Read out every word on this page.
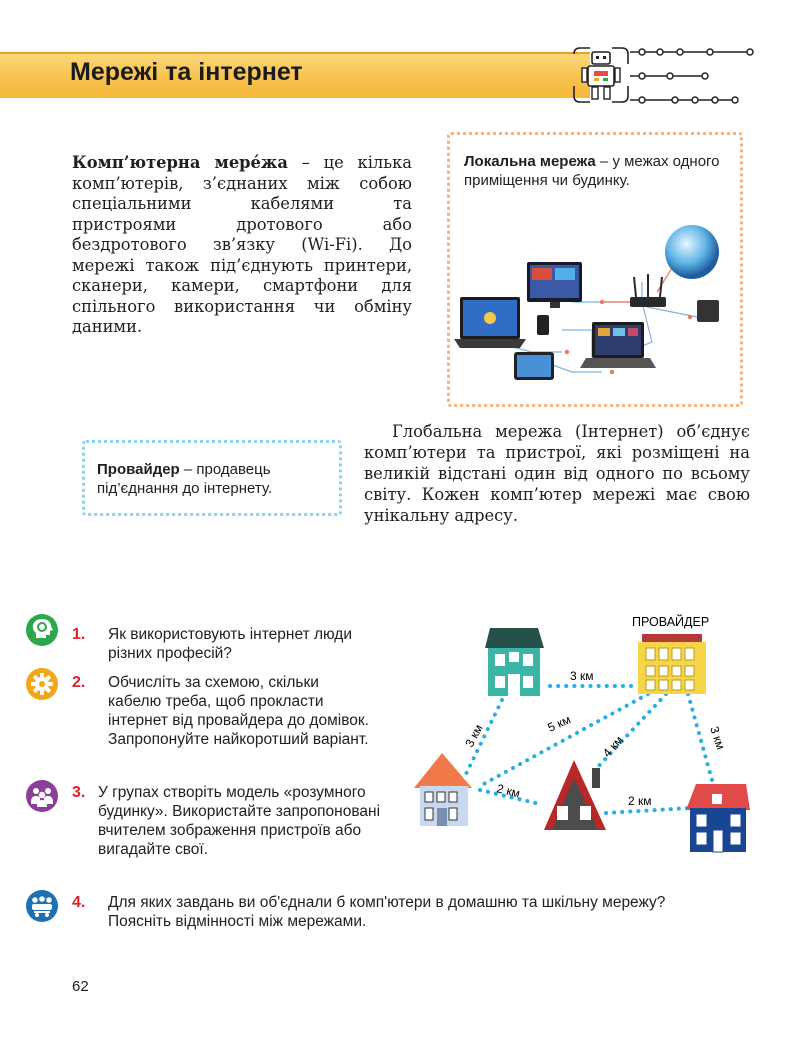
Мережі та інтернет

Комп’ютерна мере́жа – це кілька комп’ютерів, з’єднаних між собою спеціальними кабелями та пристроями дротового або бездротового зв’язку (Wi-Fi). До мережі також під’єднують принтери, сканери, камери, смартфони для спільного використання чи обміну даними.

Локальна мережа – у межах одного приміщення чи будинку.

Провайдер – продавець під’єднання до інтернету.

Глобальна мережа (Інтернет) об’єднує комп’ютери та пристрої, які розміщені на великій відстані один від одного по всьому світу. Кожен комп’ютер мережі має свою унікальну адресу.

1.	Як використовують інтернет люди різних професій?
2.	Обчисліть за схемою, скільки кабелю треба, щоб прокласти інтернет від провайдера до домівок. Запропонуйте найкоротший варіант.
3. У групах створіть модель «розумного будинку». Використайте запропоновані вчителем зображення пристроїв або вигадайте свої.
4.	Для яких завдань ви об'єднали б комп'ютери в домашню та шкільну мережу? Поясніть відмінності між мережами.
3 км
3 км	5 км
4 км	3 км
2 км
2 км
ПРОВАЙДЕР

62
